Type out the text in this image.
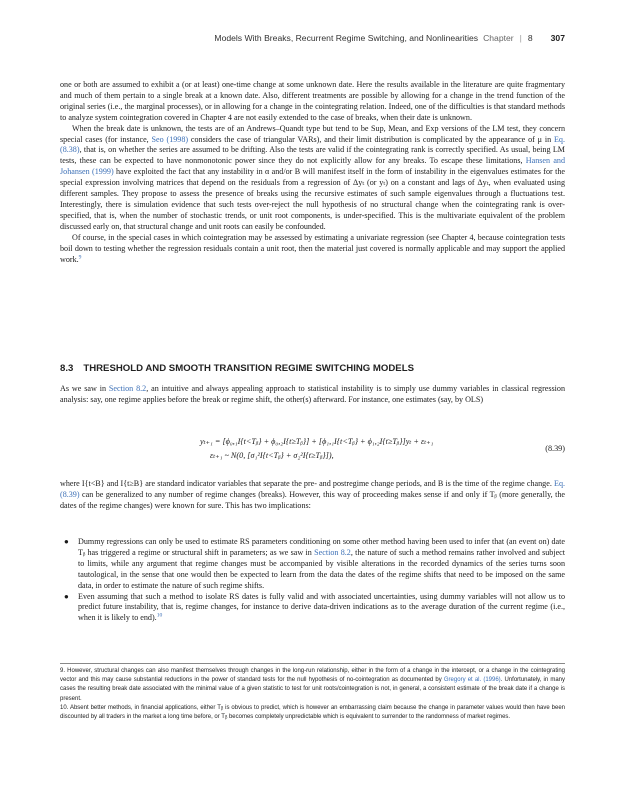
Models With Breaks, Recurrent Regime Switching, and Nonlinearities Chapter | 8 307

one or both are assumed to exhibit a (or at least) one-time change at some unknown date. Here the results available in the literature are quite fragmentary and much of them pertain to a single break at a known date. Also, different treatments are possible by allowing for a change in the trend function of the original series (i.e., the marginal processes), or in allowing for a change in the cointegrating relation. Indeed, one of the difficulties is that standard methods to analyze system cointegration covered in Chapter 4 are not easily extended to the case of breaks, when their date is unknown.

When the break date is unknown, the tests are of an Andrews–Quandt type but tend to be Sup, Mean, and Exp versions of the LM test, they concern special cases (for instance, Seo (1998) considers the case of triangular VARs), and their limit distribution is complicated by the appearance of μ in Eq. (8.38), that is, on whether the series are assumed to be drifting. Also the tests are valid if the cointegrating rank is correctly specified. As usual, being LM tests, these can be expected to have nonmonotonic power since they do not explicitly allow for any breaks. To escape these limitations, Hansen and Johansen (1999) have exploited the fact that any instability in α and/or B will manifest itself in the form of instability in the eigenvalues estimates for the special expression involving matrices that depend on the residuals from a regression of Δyₜ (or yₜ) on a constant and lags of Δyₜ, when evaluated using different samples. They propose to assess the presence of breaks using the recursive estimates of such sample eigenvalues through a fluctuations test. Interestingly, there is simulation evidence that such tests over-reject the null hypothesis of no structural change when the cointegrating rank is over-specified, that is, when the number of stochastic trends, or unit root components, is under-specified. This is the multivariate equivalent of the problem discussed early on, that structural change and unit roots can easily be confounded.

Of course, in the special cases in which cointegration may be assessed by estimating a univariate regression (see Chapter 4, because cointegration tests boil down to testing whether the regression residuals contain a unit root, then the material just covered is normally applicable and may support the applied work.$^9$

8.3 THRESHOLD AND SMOOTH TRANSITION REGIME SWITCHING MODELS

As we saw in Section 8.2, an intuitive and always appealing approach to statistical instability is to simply use dummy variables in classical regression analysis: say, one regime applies before the break or regime shift, the other(s) afterward. For instance, one estimates (say, by OLS)

yₜ₊₁ = [ϕ₀,₁I{t<Tᵦ} + ϕ₀,₂I{t≥Tᵦ}] + [ϕ₁,₁I{t<Tᵦ} + ϕ₁,₂I{t≥Tᵦ}]yₜ + εₜ₊₁
εₜ₊₁ ~ N(0, [σ₁²I{t<Tᵦ} + σ₂²I{t≥Tᵦ}]),
(8.39)

where I{t<B} and I{t≥B} are standard indicator variables that separate the pre- and postregime change periods, and B is the time of the regime change. Eq. (8.39) can be generalized to any number of regime changes (breaks). However, this way of proceeding makes sense if and only if Tᵦ (more generally, the dates of the regime changes) were known for sure. This has two implications:

● Dummy regressions can only be used to estimate RS parameters conditioning on some other method having been used to infer that (an event on) date Tᵦ has triggered a regime or structural shift in parameters; as we saw in Section 8.2, the nature of such a method remains rather involved and subject to limits, while any argument that regime changes must be accompanied by visible alterations in the recorded dynamics of the series turns soon tautological, in the sense that one would then be expected to learn from the data the dates of the regime shifts that need to be imposed on the same data, in order to estimate the nature of such regime shifts.
● Even assuming that such a method to isolate RS dates is fully valid and with associated uncertainties, using dummy variables will not allow us to predict future instability, that is, regime changes, for instance to derive data-driven indications as to the average duration of the current regime (i.e., when it is likely to end).$^{10}$

9. However, structural changes can also manifest themselves through changes in the long-run relationship, either in the form of a change in the intercept, or a change in the cointegrating vector and this may cause substantial reductions in the power of standard tests for the null hypothesis of no-cointegration as documented by Gregory et al. (1996). Unfortunately, in many cases the resulting break date associated with the minimal value of a given statistic to test for unit roots/cointegration is not, in general, a consistent estimate of the break date if a change is present.

10. Absent better methods, in financial applications, either Tᵦ is obvious to predict, which is however an embarrassing claim because the change in parameter values would then have been discounted by all traders in the market a long time before, or Tᵦ becomes completely unpredictable which is equivalent to surrender to the randomness of market regimes.
